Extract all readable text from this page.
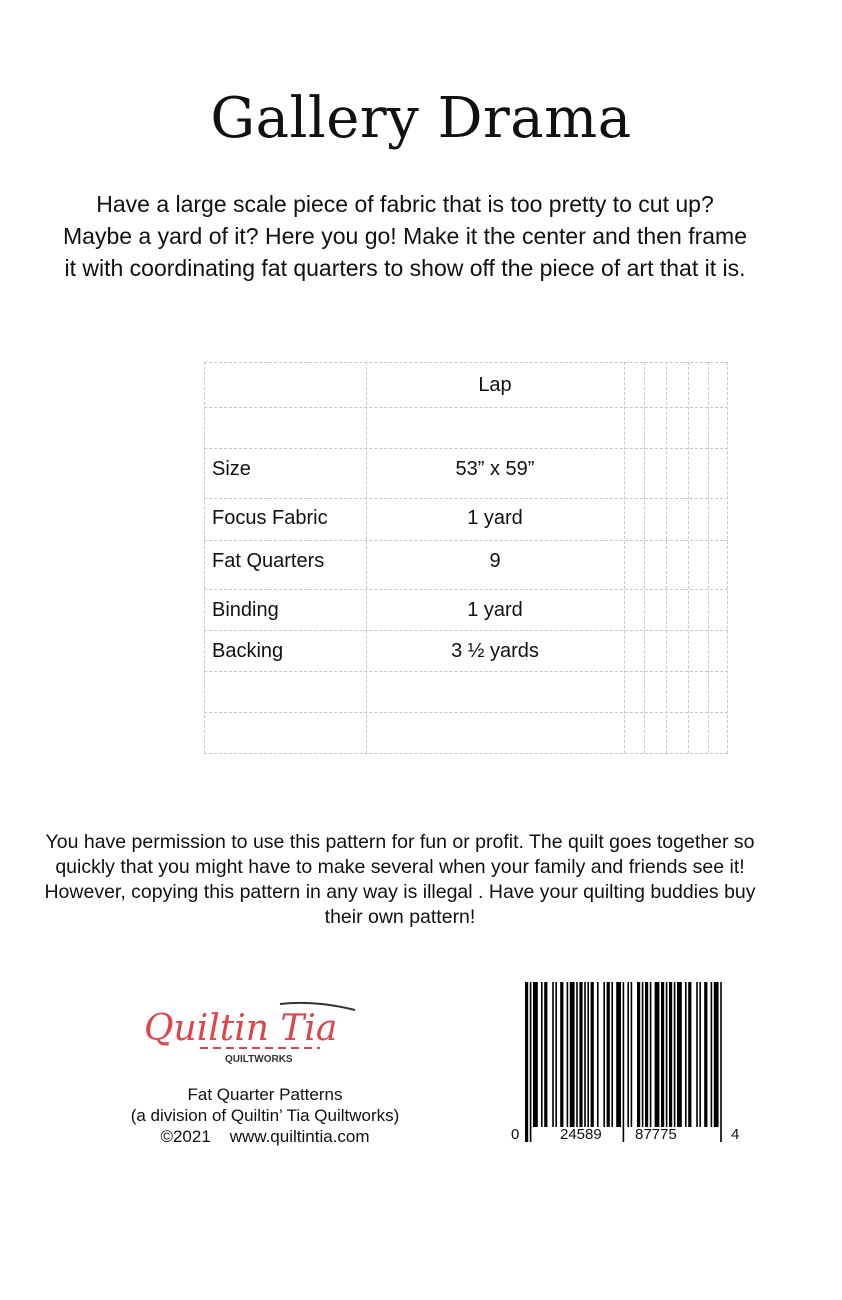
Gallery Drama
Have a large scale piece of fabric that is too pretty to cut up? Maybe a yard of it? Here you go! Make it the center and then frame it with coordinating fat quarters to show off the piece of art that it is.
Lap
Size	53” x 59”
Focus Fabric	1 yard
Fat Quarters	9
Binding	1 yard
Backing	3 ½ yards
You have permission to use this pattern for fun or profit. The quilt goes together so quickly that you might have to make several when your family and friends see it! However, copying this pattern in any way is illegal . Have your quilting buddies buy their own pattern!
Quiltin Tia
QUILTWORKS
Fat Quarter Patterns
(a division of Quiltin’ Tia Quiltworks)
©2021    www.quiltintia.com	0	24589 87775	4
